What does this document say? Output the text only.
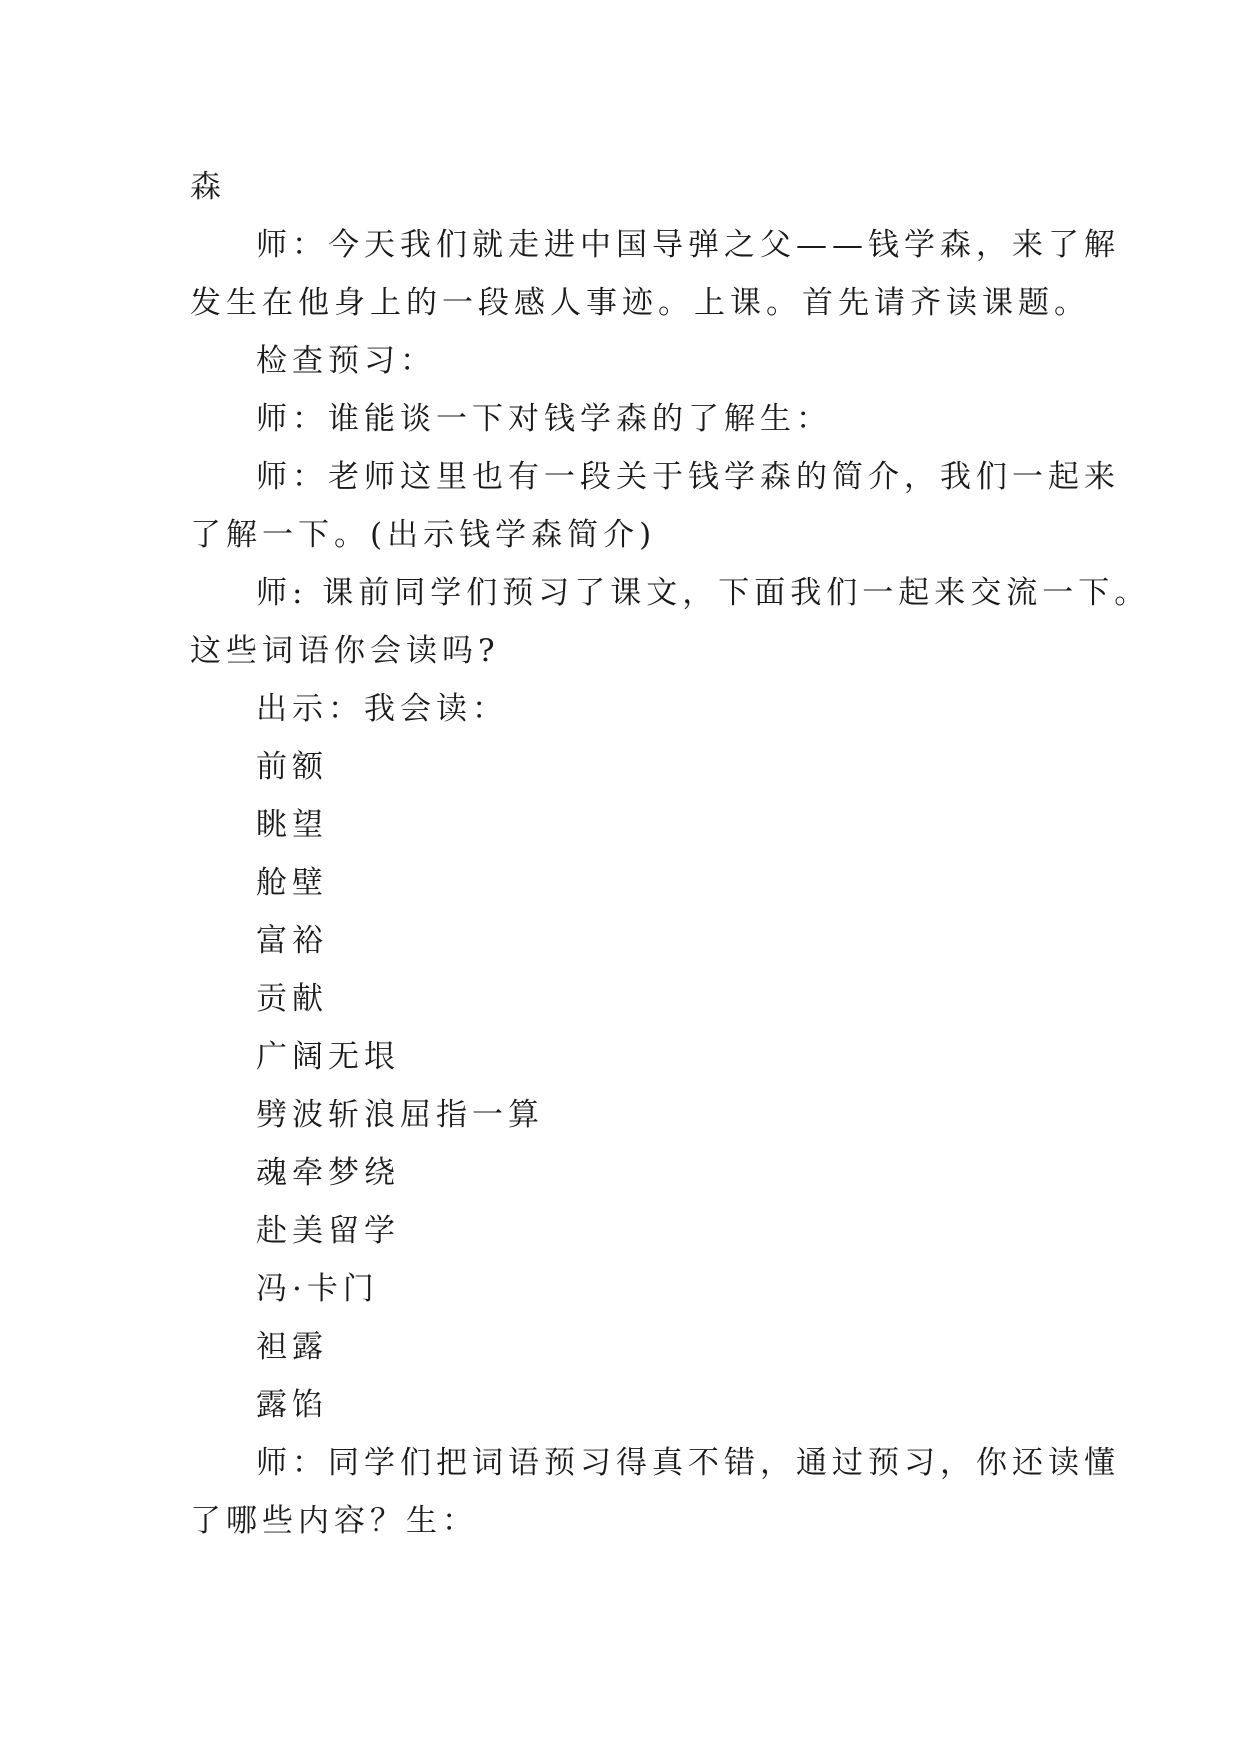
森
师：今天我们就走进中国导弹之父——钱学森，来了解
发生在他身上的一段感人事迹。上课。首先请齐读课题。
检查预习：
师：谁能谈一下对钱学森的了解生：
师：老师这里也有一段关于钱学森的简介，我们一起来
了解一下。(出示钱学森简介)
师: 课前同学们预习了课文，下面我们一起来交流一下。
这些词语你会读吗?
出示：我会读：
前额
眺望
舱壁
富裕
贡献
广阔无垠
劈波斩浪屈指一算
魂牵梦绕
赴美留学
冯·卡门
袒露
露馅
师：同学们把词语预习得真不错，通过预习，你还读懂
了哪些内容？生：
